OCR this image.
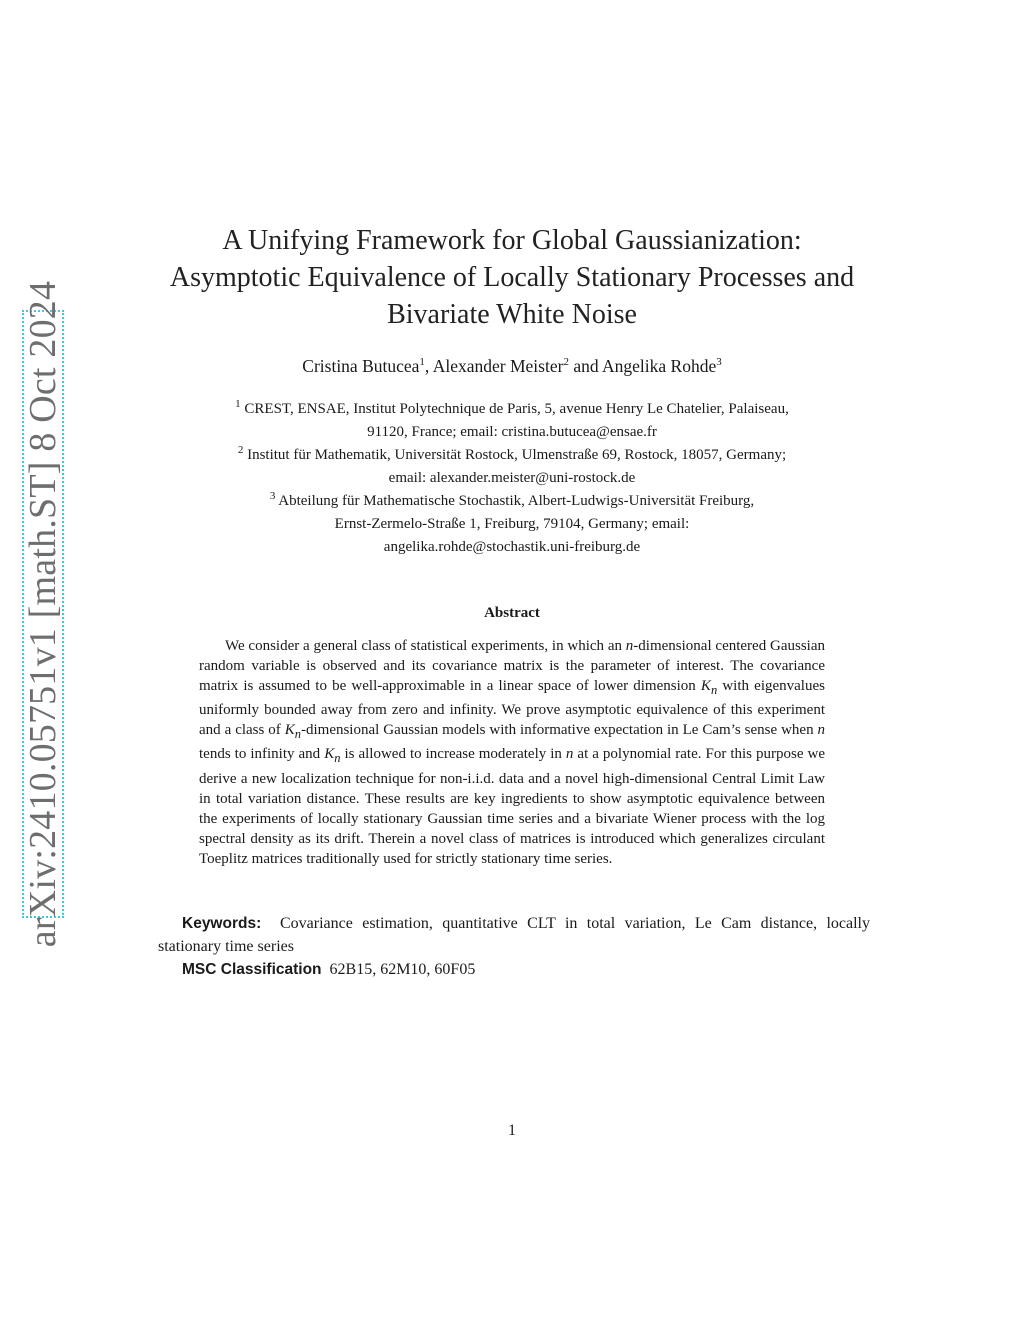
arXiv:2410.05751v1 [math.ST] 8 Oct 2024
A Unifying Framework for Global Gaussianization:
Asymptotic Equivalence of Locally Stationary Processes and
Bivariate White Noise
Cristina Butucea$^1$, Alexander Meister$^2$ and Angelika Rohde$^3$
$^1$ CREST, ENSAE, Institut Polytechnique de Paris, 5, avenue Henry Le Chatelier, Palaiseau,
91120, France; email: cristina.butucea@ensae.fr
$^2$ Institut für Mathematik, Universität Rostock, Ulmenstraße 69, Rostock, 18057, Germany;
email: alexander.meister@uni-rostock.de
$^3$ Abteilung für Mathematische Stochastik, Albert-Ludwigs-Universität Freiburg,
Ernst-Zermelo-Straße 1, Freiburg, 79104, Germany; email:
angelika.rohde@stochastik.uni-freiburg.de
Abstract
We consider a general class of statistical experiments, in which an n-dimensional centered Gaussian random variable is observed and its covariance matrix is the parameter of interest. The covariance matrix is assumed to be well-approximable in a linear space of lower dimension $K_n$ with eigenvalues uniformly bounded away from zero and infinity. We prove asymptotic equivalence of this experiment and a class of $K_n$-dimensional Gaussian models with informative expectation in Le Cam’s sense when n tends to infinity and $K_n$ is allowed to increase moderately in n at a polynomial rate. For this purpose we derive a new localization technique for non-i.i.d. data and a novel high-dimensional Central Limit Law in total variation distance. These results are key ingredients to show asymptotic equivalence between the experiments of locally stationary Gaussian time series and a bivariate Wiener process with the log spectral density as its drift. Therein a novel class of matrices is introduced which generalizes circulant Toeplitz matrices traditionally used for strictly stationary time series.
Keywords: Covariance estimation, quantitative CLT in total variation, Le Cam distance, locally stationary time series
MSC Classification 62B15, 62M10, 60F05
1
